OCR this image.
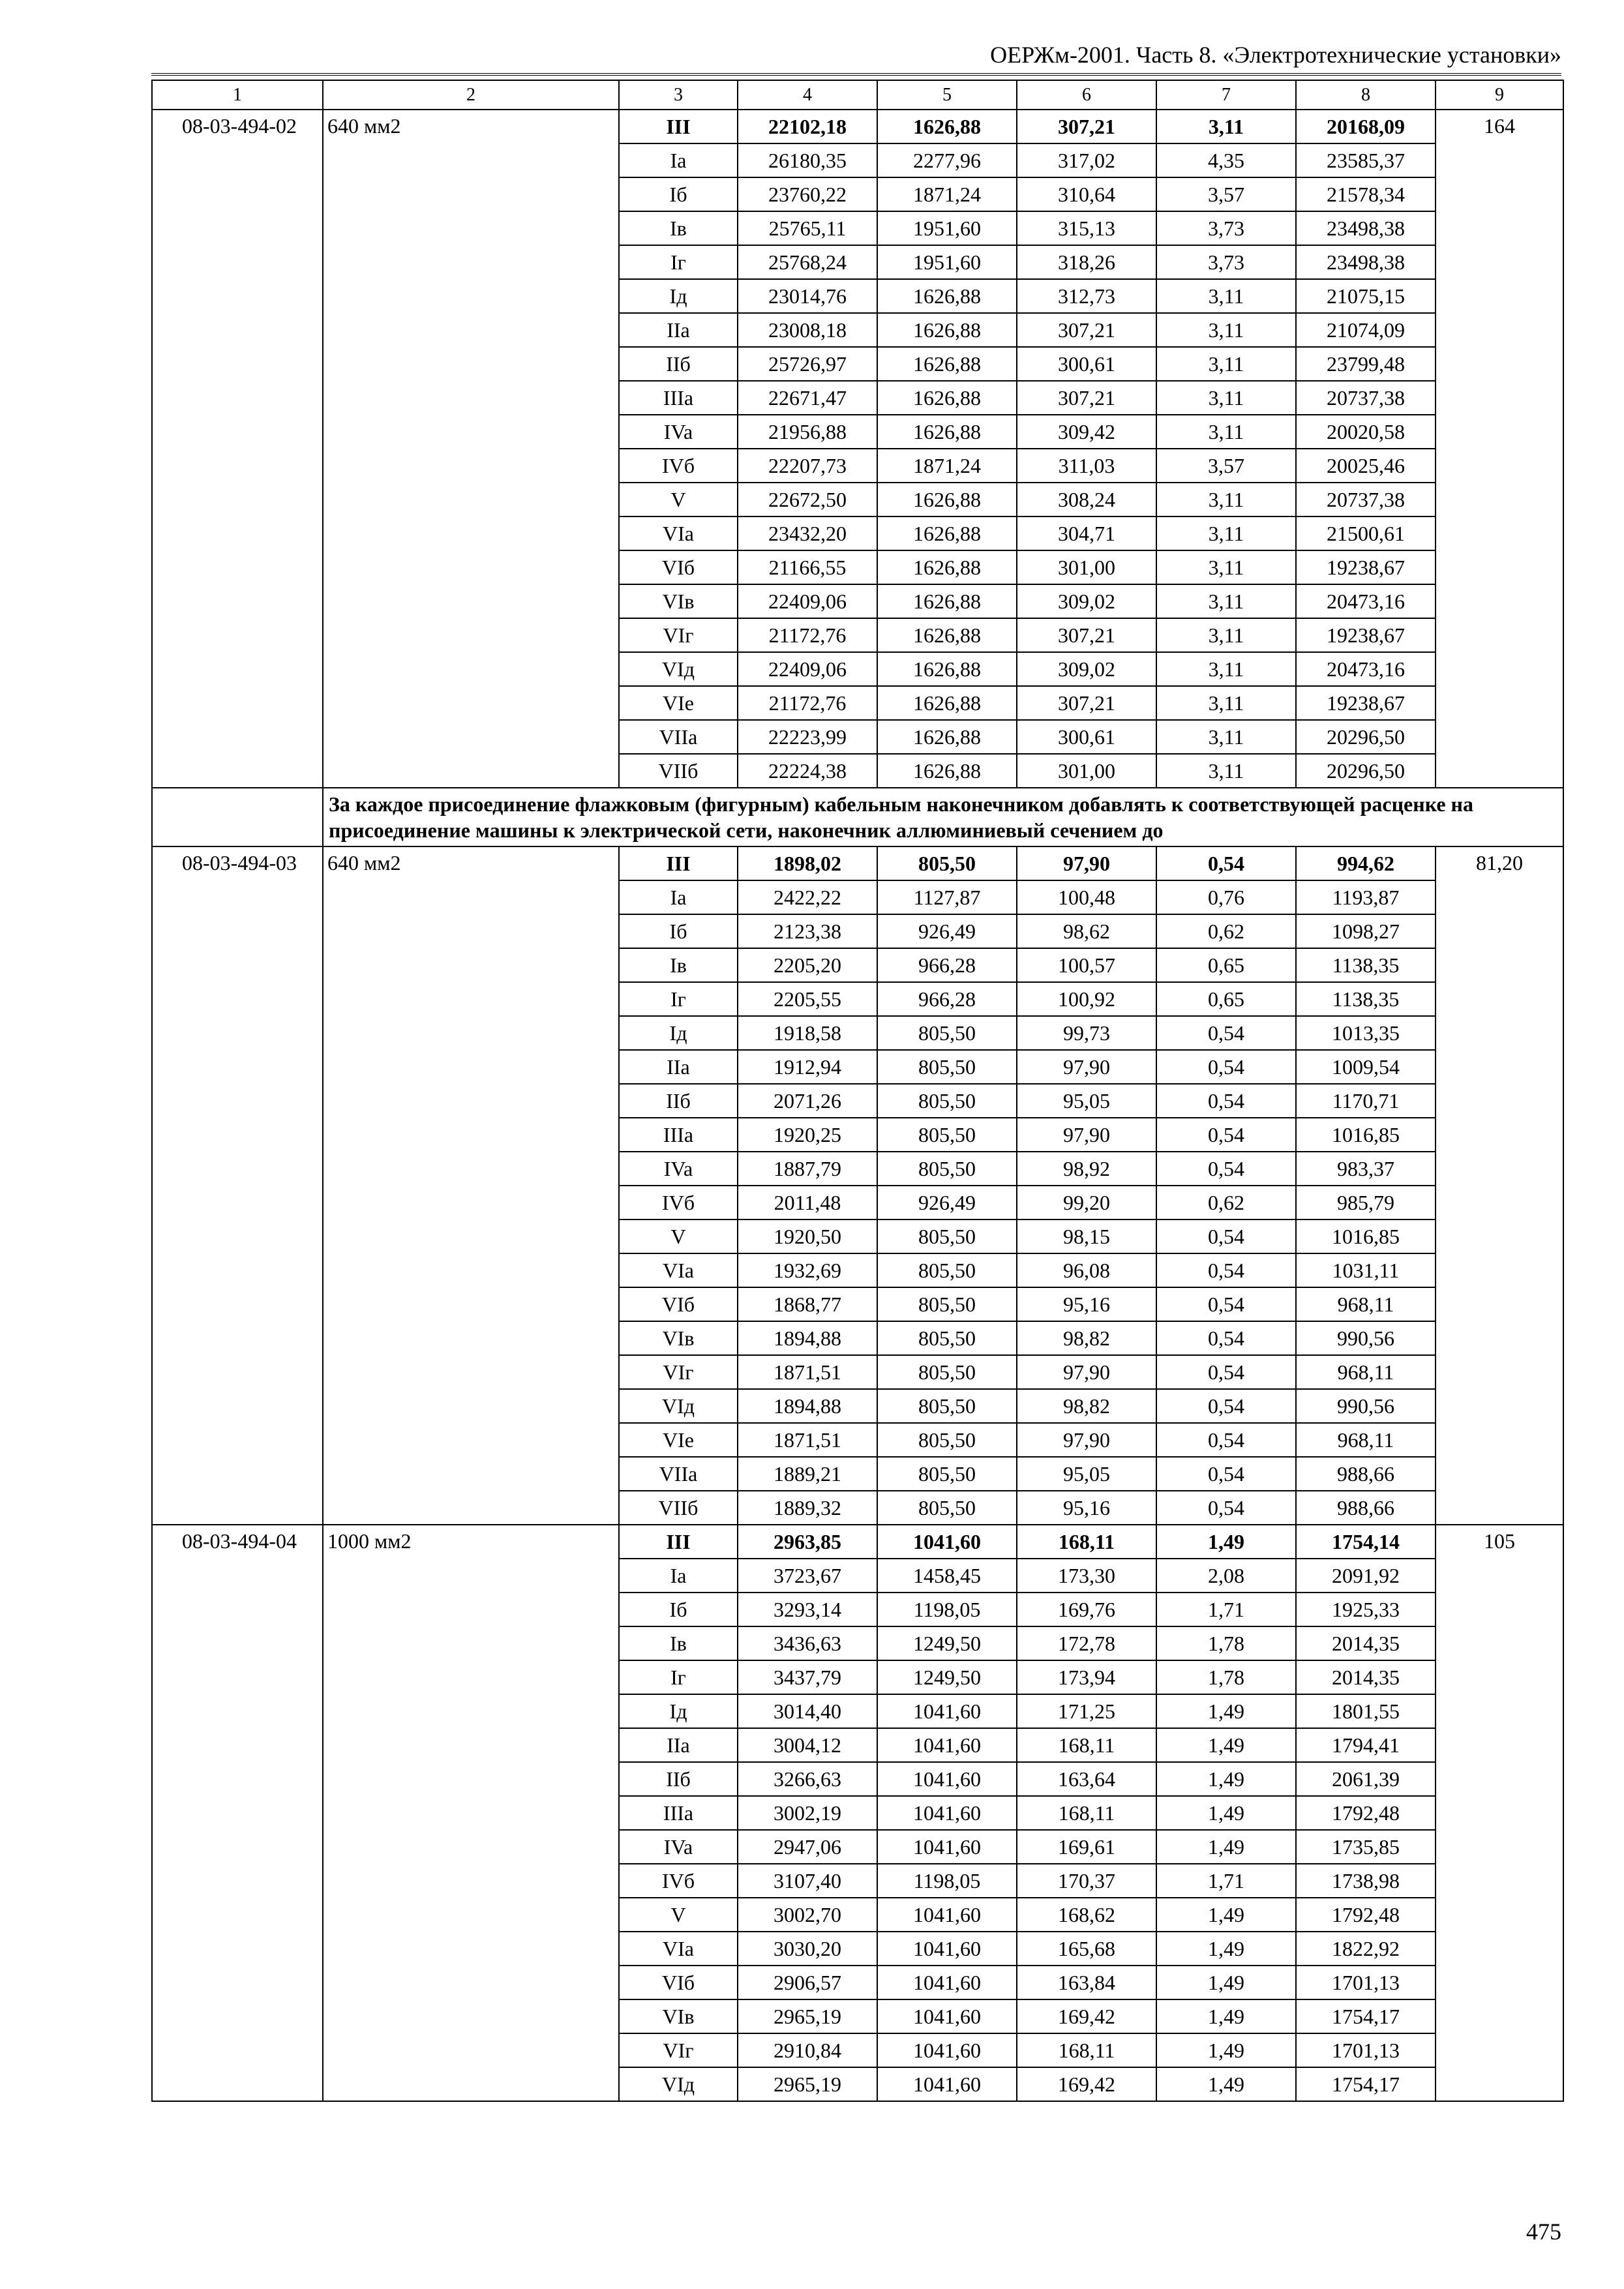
ОЕРЖм-2001. Часть 8. «Электротехнические установки»
1	2	3	4	5	6	7	8	9
08-03-494-02	640 мм2	III	22102,18	1626,88	307,21	3,11	20168,09	164
		Ia	26180,35	2277,96	317,02	4,35	23585,37	
		Iб	23760,22	1871,24	310,64	3,57	21578,34	
		Iв	25765,11	1951,60	315,13	3,73	23498,38	
		Iг	25768,24	1951,60	318,26	3,73	23498,38	
		Iд	23014,76	1626,88	312,73	3,11	21075,15	
		IIa	23008,18	1626,88	307,21	3,11	21074,09	
		IIб	25726,97	1626,88	300,61	3,11	23799,48	
		IIIa	22671,47	1626,88	307,21	3,11	20737,38	
		IVa	21956,88	1626,88	309,42	3,11	20020,58	
		IVб	22207,73	1871,24	311,03	3,57	20025,46	
		V	22672,50	1626,88	308,24	3,11	20737,38	
		VIa	23432,20	1626,88	304,71	3,11	21500,61	
		VIб	21166,55	1626,88	301,00	3,11	19238,67	
		VIв	22409,06	1626,88	309,02	3,11	20473,16	
		VIг	21172,76	1626,88	307,21	3,11	19238,67	
		VIд	22409,06	1626,88	309,02	3,11	20473,16	
		VIe	21172,76	1626,88	307,21	3,11	19238,67	
		VIIa	22223,99	1626,88	300,61	3,11	20296,50	
		VIIб	22224,38	1626,88	301,00	3,11	20296,50	
	За каждое присоединение флажковым (фигурным) кабельным наконечником добавлять к соответствующей расценке на присоединение машины к электрической сети, наконечник аллюминиевый сечением до							
08-03-494-03	640 мм2	III	1898,02	805,50	97,90	0,54	994,62	81,20
		Ia	2422,22	1127,87	100,48	0,76	1193,87	
		Iб	2123,38	926,49	98,62	0,62	1098,27	
		Iв	2205,20	966,28	100,57	0,65	1138,35	
		Iг	2205,55	966,28	100,92	0,65	1138,35	
		Iд	1918,58	805,50	99,73	0,54	1013,35	
		IIa	1912,94	805,50	97,90	0,54	1009,54	
		IIб	2071,26	805,50	95,05	0,54	1170,71	
		IIIa	1920,25	805,50	97,90	0,54	1016,85	
		IVa	1887,79	805,50	98,92	0,54	983,37	
		IVб	2011,48	926,49	99,20	0,62	985,79	
		V	1920,50	805,50	98,15	0,54	1016,85	
		VIa	1932,69	805,50	96,08	0,54	1031,11	
		VIб	1868,77	805,50	95,16	0,54	968,11	
		VIв	1894,88	805,50	98,82	0,54	990,56	
		VIг	1871,51	805,50	97,90	0,54	968,11	
		VIд	1894,88	805,50	98,82	0,54	990,56	
		VIe	1871,51	805,50	97,90	0,54	968,11	
		VIIa	1889,21	805,50	95,05	0,54	988,66	
		VIIб	1889,32	805,50	95,16	0,54	988,66	
08-03-494-04	1000 мм2	III	2963,85	1041,60	168,11	1,49	1754,14	105
		Ia	3723,67	1458,45	173,30	2,08	2091,92	
		Iб	3293,14	1198,05	169,76	1,71	1925,33	
		Iв	3436,63	1249,50	172,78	1,78	2014,35	
		Iг	3437,79	1249,50	173,94	1,78	2014,35	
		Iд	3014,40	1041,60	171,25	1,49	1801,55	
		IIa	3004,12	1041,60	168,11	1,49	1794,41	
		IIб	3266,63	1041,60	163,64	1,49	2061,39	
		IIIa	3002,19	1041,60	168,11	1,49	1792,48	
		IVa	2947,06	1041,60	169,61	1,49	1735,85	
		IVб	3107,40	1198,05	170,37	1,71	1738,98	
		V	3002,70	1041,60	168,62	1,49	1792,48	
		VIa	3030,20	1041,60	165,68	1,49	1822,92	
		VIб	2906,57	1041,60	163,84	1,49	1701,13	
		VIв	2965,19	1041,60	169,42	1,49	1754,17	
		VIг	2910,84	1041,60	168,11	1,49	1701,13	
		VIд	2965,19	1041,60	169,42	1,49	1754,17	
475
